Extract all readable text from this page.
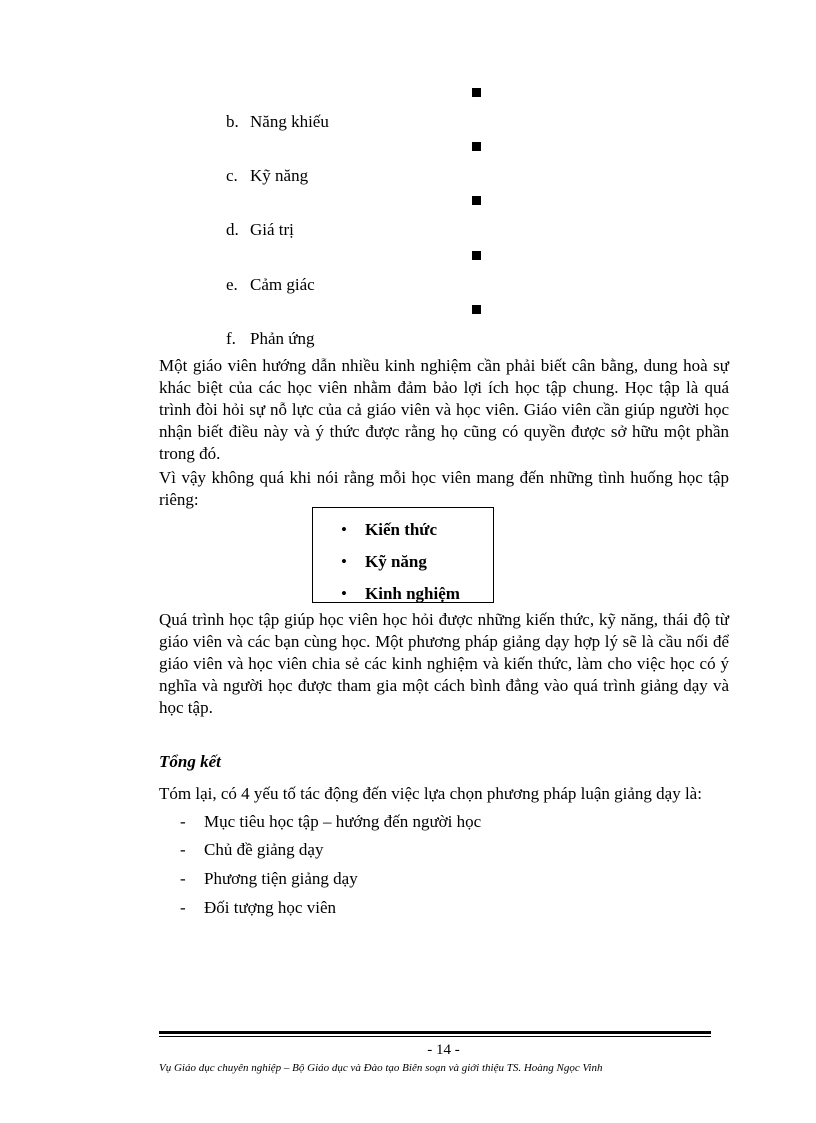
b. Năng khiếu
c. Kỹ năng
d. Giá trị
e. Cảm giác
f. Phản ứng

Một giáo viên hướng dẫn nhiều kinh nghiệm cần phải biết cân bằng, dung hoà sự khác biệt của các học viên nhằm đảm bảo lợi ích học tập chung. Học tập là quá trình đòi hỏi sự nỗ lực của cả giáo viên và học viên. Giáo viên cần giúp người học nhận biết điều này và ý thức được rằng họ cũng có quyền được sở hữu một phần trong đó.

Vì vậy không quá khi nói rằng mỗi học viên mang đến những tình huống học tập riêng:

• Kiến thức
• Kỹ năng
• Kinh nghiệm

Quá trình học tập giúp học viên học hỏi được những kiến thức, kỹ năng, thái độ từ giáo viên và các bạn cùng học. Một phương pháp giảng dạy hợp lý sẽ là cầu nối để giáo viên và học viên chia sẻ các kinh nghiệm và kiến thức, làm cho việc học có ý nghĩa và người học được tham gia một cách bình đẳng vào quá trình giảng dạy và học tập.

Tổng kết

Tóm lại, có 4 yếu tố tác động đến việc lựa chọn phương pháp luận giảng dạy là:

- Mục tiêu học tập – hướng đến người học
- Chủ đề giảng dạy
- Phương tiện giảng dạy
- Đối tượng học viên
- 14 -
Vụ Giáo dục chuyên nghiệp – Bộ Giáo dục và Đào tạo Biên soạn và giới thiệu TS. Hoàng Ngọc Vinh
